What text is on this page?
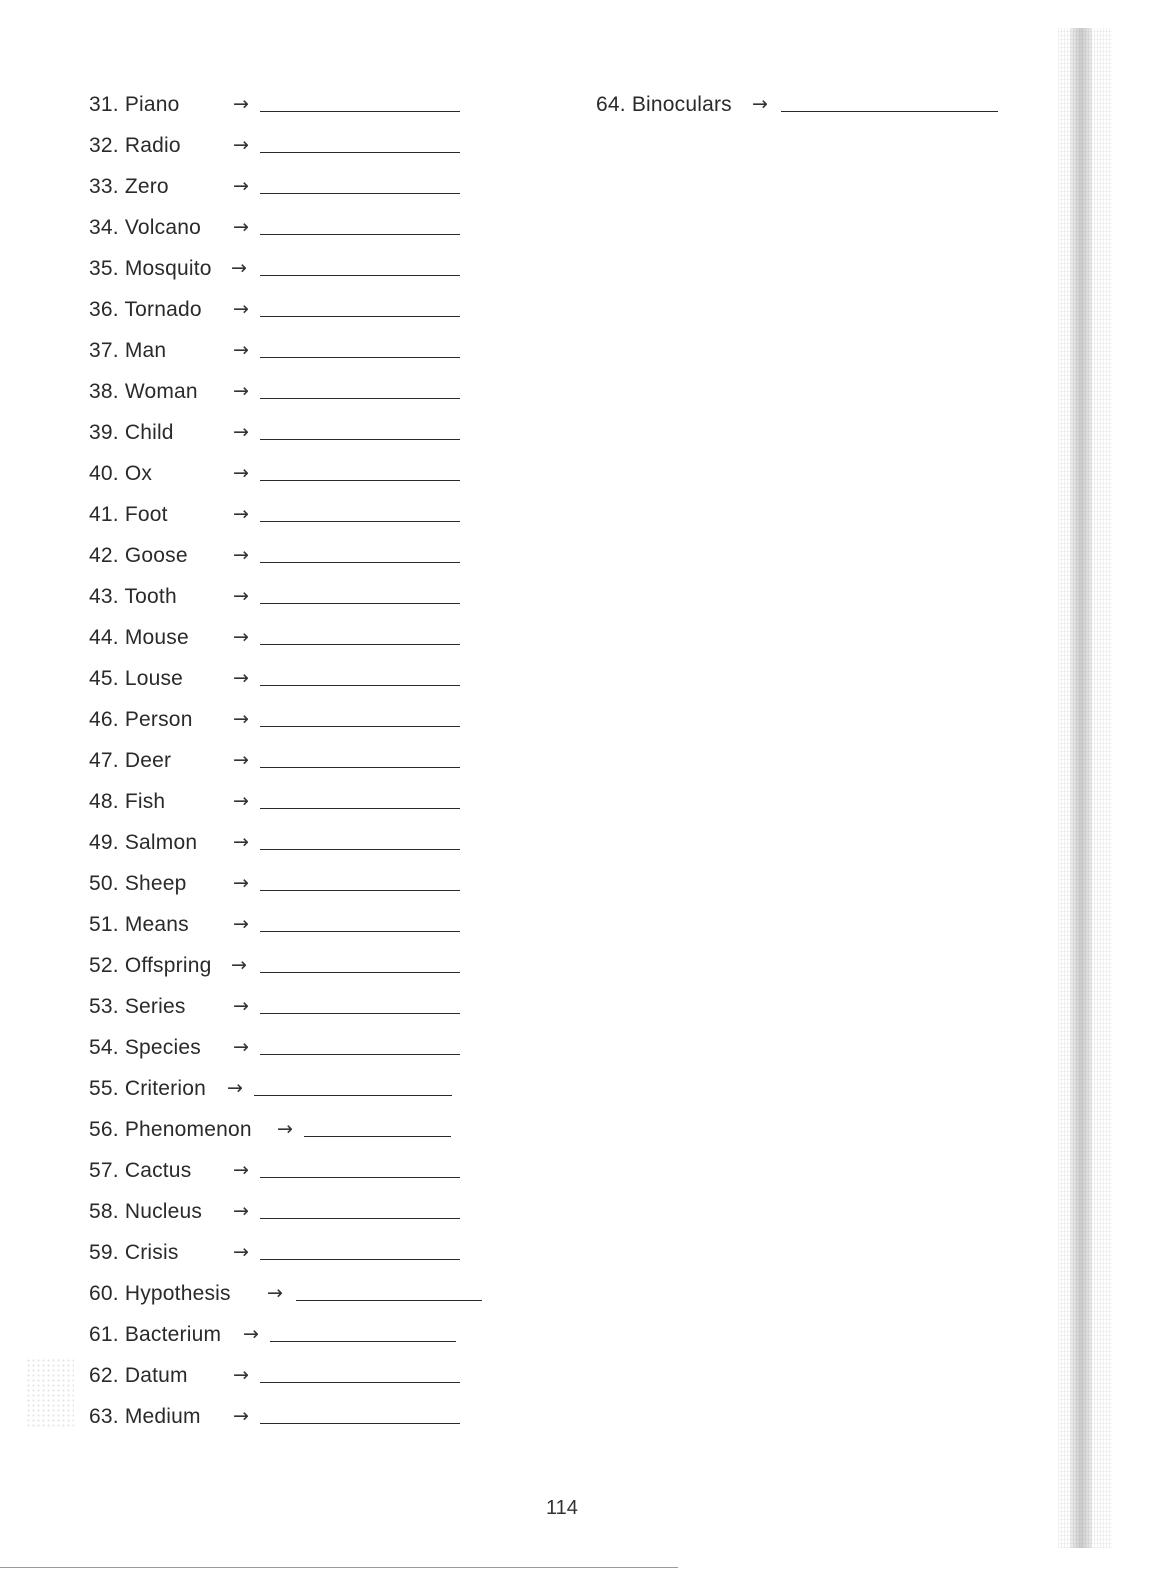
31. Piano	→
32. Radio	→
33. Zero	→
34. Volcano →
35. Mosquito →
36. Tornado →
37. Man	→
38. Woman →
39. Child	→
40. Ox	→
41. Foot	→
42. Goose →
43. Tooth	→
44. Mouse →
45. Louse	→
46. Person →
47. Deer	→
48. Fish	→
49. Salmon →
50. Sheep →
51. Means →
52. Offspring →
53. Series →
54. Species →
55. Criterion →
56. Phenomenon →
57. Cactus →
58. Nucleus →
59. Crisis	→
60. Hypothesis →
61. Bacterium →
62. Datum →
63. Medium →
64. Binoculars →
114
